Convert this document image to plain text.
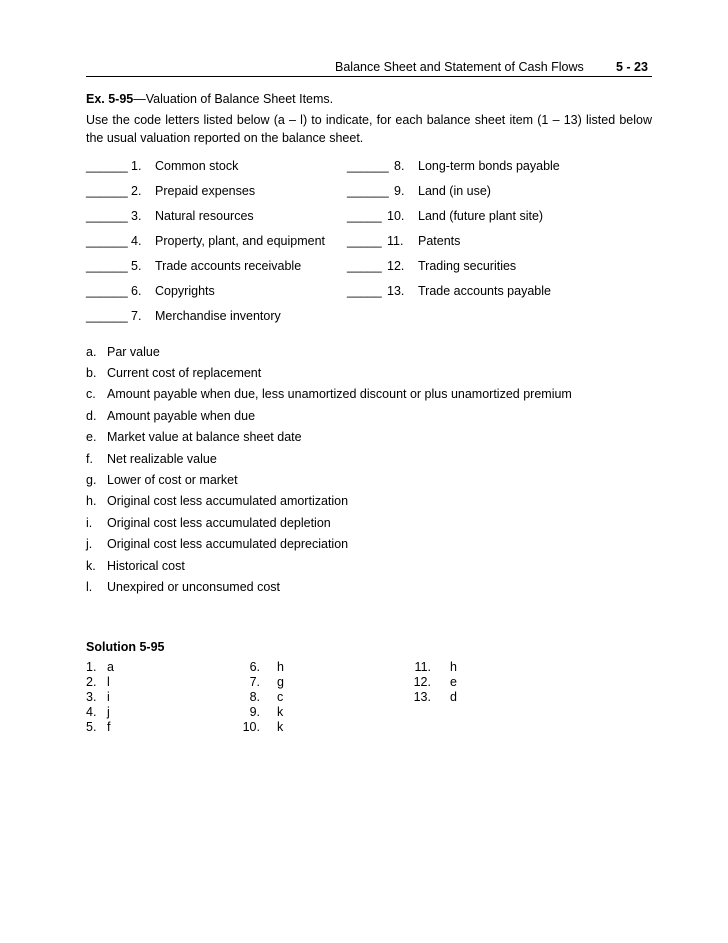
Balance Sheet and Statement of Cash Flows	5 - 23
Ex. 5-95—Valuation of Balance Sheet Items.
Use the code letters listed below (a – l) to indicate, for each balance sheet item (1 – 13) listed below the usual valuation reported on the balance sheet.
______ 1. Common stock
______ 2. Prepaid expenses
______ 3. Natural resources
______ 4. Property, plant, and equipment
______ 5. Trade accounts receivable
______ 6. Copyrights
______ 7. Merchandise inventory
______ 8. Long-term bonds payable
______ 9. Land (in use)
_____ 10. Land (future plant site)
_____ 11. Patents
_____ 12. Trading securities
_____ 13. Trade accounts payable
a. Par value
b. Current cost of replacement
c. Amount payable when due, less unamortized discount or plus unamortized premium
d. Amount payable when due
e. Market value at balance sheet date
f. Net realizable value
g. Lower of cost or market
h. Original cost less accumulated amortization
i. Original cost less accumulated depletion
j. Original cost less accumulated depreciation
k. Historical cost
l. Unexpired or unconsumed cost
Solution 5-95
1. a
2. l
3. i
4. j
5. f
6. h
7. g
8. c
9. k
10. k
11. h
12. e
13. d
